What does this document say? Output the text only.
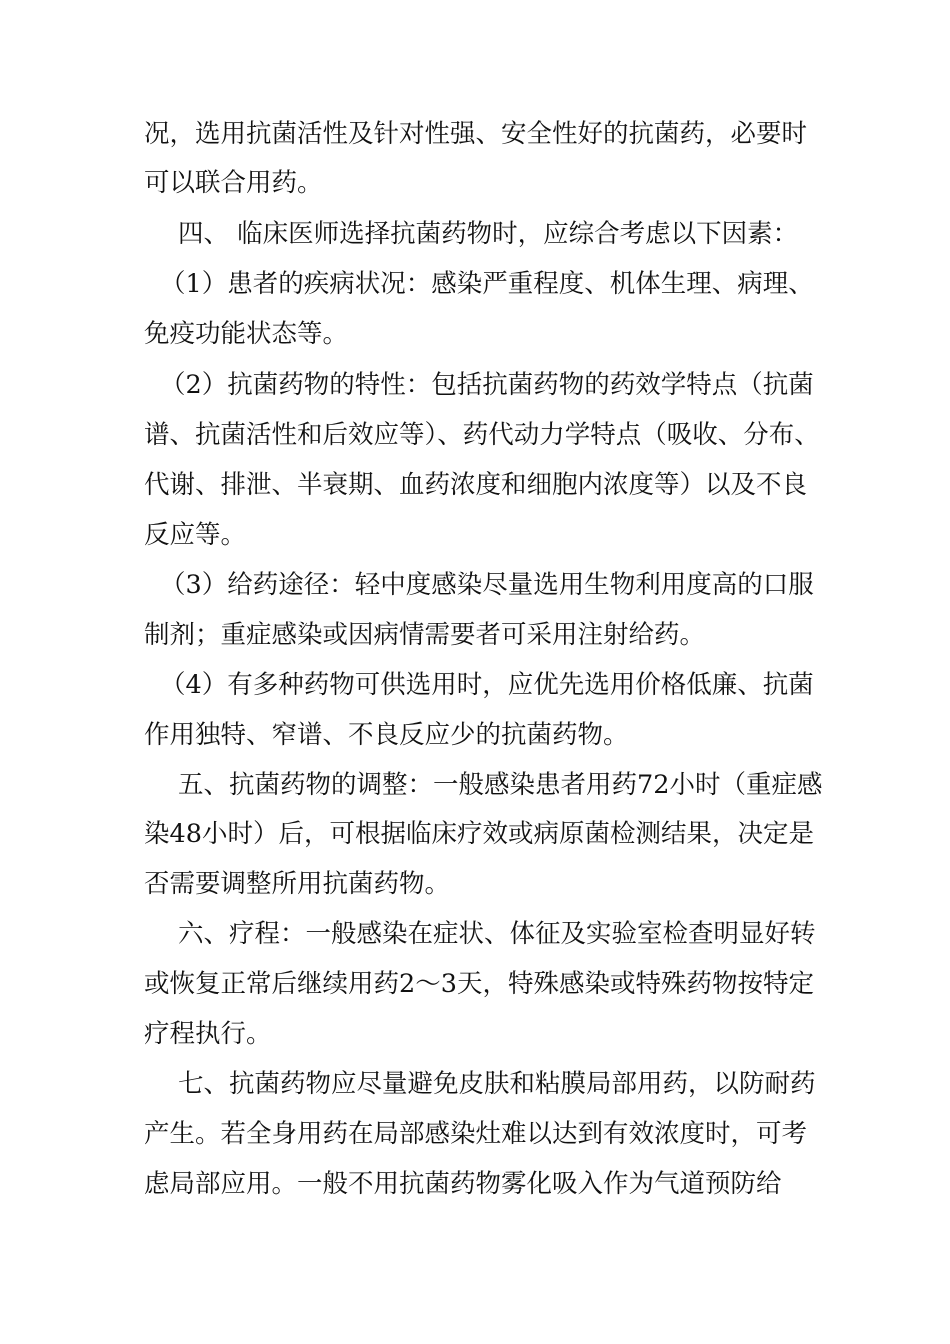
况，选用抗菌活性及针对性强、安全性好的抗菌药，必要时

可以联合用药。

四、 临床医师选择抗菌药物时，应综合考虑以下因素：

（1）患者的疾病状况：感染严重程度、机体生理、病理、

免疫功能状态等。

（2）抗菌药物的特性：包括抗菌药物的药效学特点（抗菌

谱、抗菌活性和后效应等）、药代动力学特点（吸收、分布、

代谢、排泄、半衰期、血药浓度和细胞内浓度等）以及不良

反应等。

（3）给药途径：轻中度感染尽量选用生物利用度高的口服

制剂；重症感染或因病情需要者可采用注射给药。

（4）有多种药物可供选用时，应优先选用价格低廉、抗菌

作用独特、窄谱、不良反应少的抗菌药物。

五、抗菌药物的调整：一般感染患者用药72小时（重症感

染48小时）后，可根据临床疗效或病原菌检测结果，决定是

否需要调整所用抗菌药物。

六、疗程：一般感染在症状、体征及实验室检查明显好转

或恢复正常后继续用药2～3天，特殊感染或特殊药物按特定

疗程执行。

七、抗菌药物应尽量避免皮肤和粘膜局部用药，以防耐药

产生。若全身用药在局部感染灶难以达到有效浓度时，可考

虑局部应用。一般不用抗菌药物雾化吸入作为气道预防给
